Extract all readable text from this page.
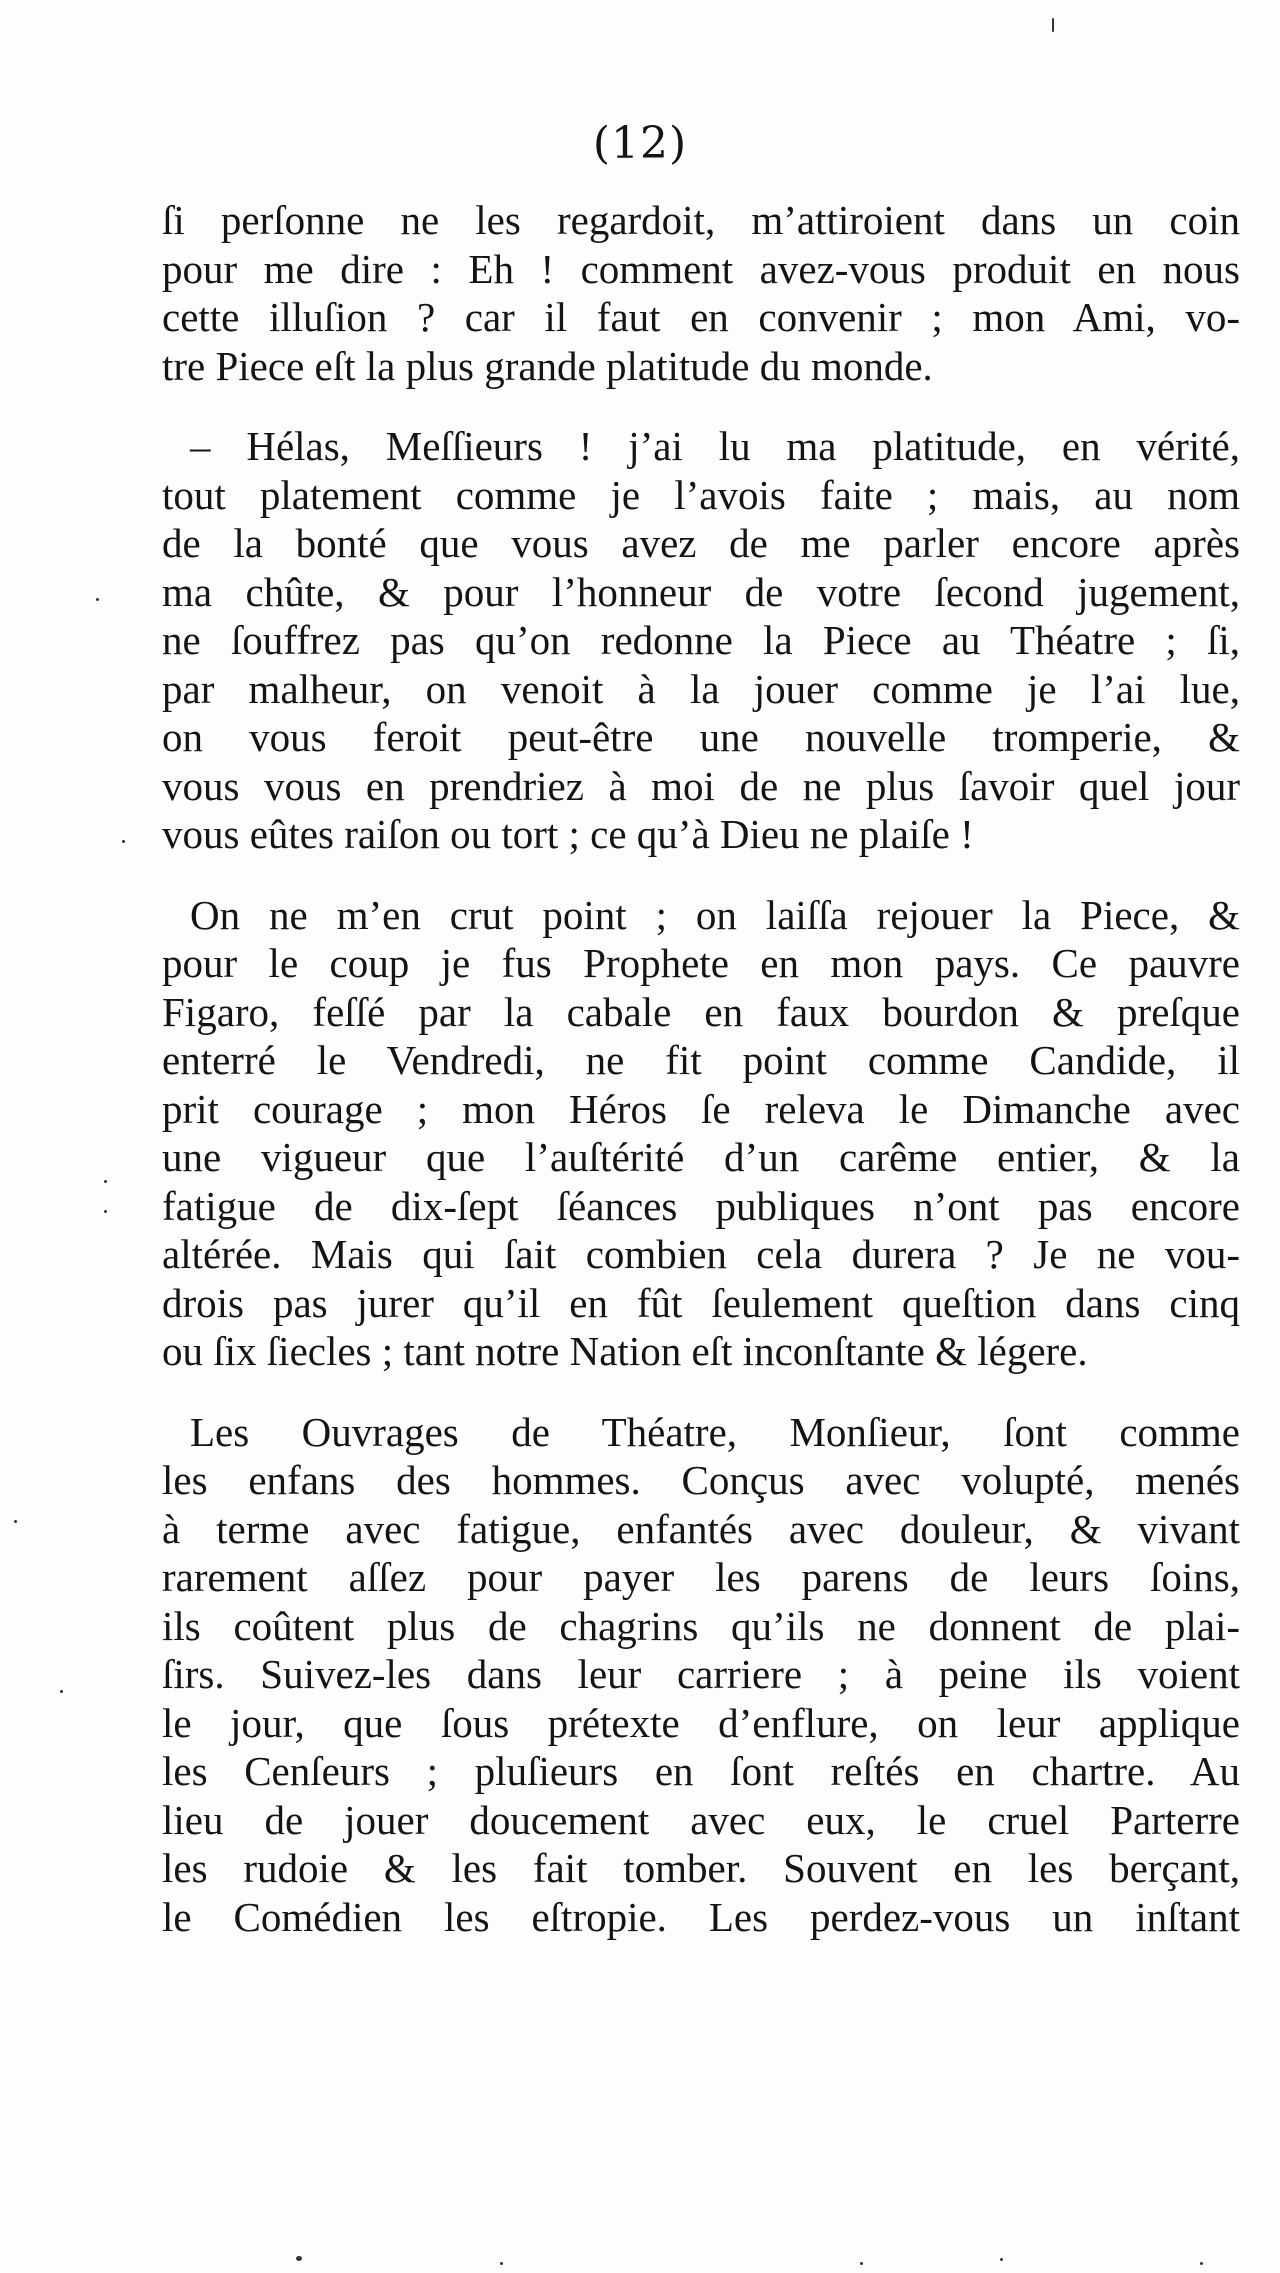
(12)
ſi perſonne ne les regardoit, m’attiroient dans un coin
pour me dire : Eh ! comment avez-vous produit en nous
cette illuſion ? car il faut en convenir ; mon Ami, vo-
tre Piece eſt la plus grande platitude du monde.
– Hélas, Meſſieurs ! j’ai lu ma platitude, en vérité,
tout platement comme je l’avois faite ; mais, au nom
de la bonté que vous avez de me parler encore après
ma chûte, & pour l’honneur de votre ſecond jugement,
ne ſouffrez pas qu’on redonne la Piece au Théatre ; ſi,
par malheur, on venoit à la jouer comme je l’ai lue,
on vous feroit peut-être une nouvelle tromperie, &
vous vous en prendriez à moi de ne plus ſavoir quel jour
vous eûtes raiſon ou tort ; ce qu’à Dieu ne plaiſe !
On ne m’en crut point ; on laiſſa rejouer la Piece, &
pour le coup je fus Prophete en mon pays. Ce pauvre
Figaro, feſſé par la cabale en faux bourdon & preſque
enterré le Vendredi, ne fit point comme Candide, il
prit courage ; mon Héros ſe releva le Dimanche avec
une vigueur que l’auſtérité d’un carême entier, & la
fatigue de dix-ſept ſéances publiques n’ont pas encore
altérée. Mais qui ſait combien cela durera ? Je ne vou-
drois pas jurer qu’il en fût ſeulement queſtion dans cinq
ou ſix ſiecles ; tant notre Nation eſt inconſtante & légere.
Les Ouvrages de Théatre, Monſieur, ſont comme
les enfans des hommes. Conçus avec volupté, menés
à terme avec fatigue, enfantés avec douleur, & vivant
rarement aſſez pour payer les parens de leurs ſoins,
ils coûtent plus de chagrins qu’ils ne donnent de plai-
ſirs. Suivez-les dans leur carriere ; à peine ils voient
le jour, que ſous prétexte d’enflure, on leur applique
les Cenſeurs ; pluſieurs en ſont reſtés en chartre. Au
lieu de jouer doucement avec eux, le cruel Parterre
les rudoie & les fait tomber. Souvent en les berçant,
le Comédien les eſtropie. Les perdez-vous un inſtant
